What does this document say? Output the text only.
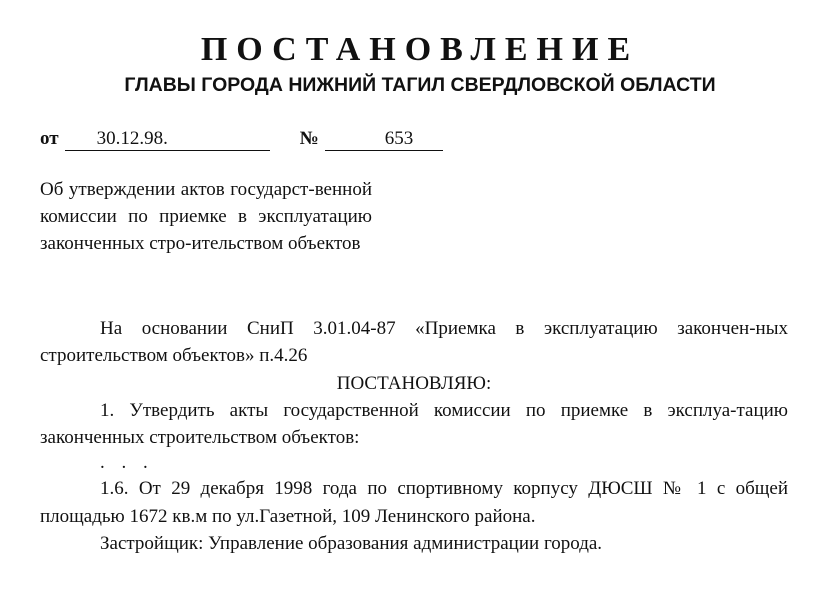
ПОСТАНОВЛЕНИЕ
ГЛАВЫ ГОРОДА НИЖНИЙ ТАГИЛ СВЕРДЛОВСКОЙ ОБЛАСТИ
от 30.12.98.	№	653
Об утверждении актов государст-венной комиссии по приемке в эксплуатацию законченных стро-ительством объектов

На основании СниП 3.01.04-87 «Приемка в эксплуатацию закончен-ных строительством объектов» п.4.26

ПОСТАНОВЛЯЮ:

1. Утвердить акты государственной комиссии по приемке в эксплуа-тацию законченных строительством объектов:

. . .

1.6. От 29 декабря 1998 года по спортивному корпусу ДЮСШ № 1 с общей площадью 1672 кв.м по ул.Газетной, 109 Ленинского района.

Застройщик: Управление образования администрации города.
